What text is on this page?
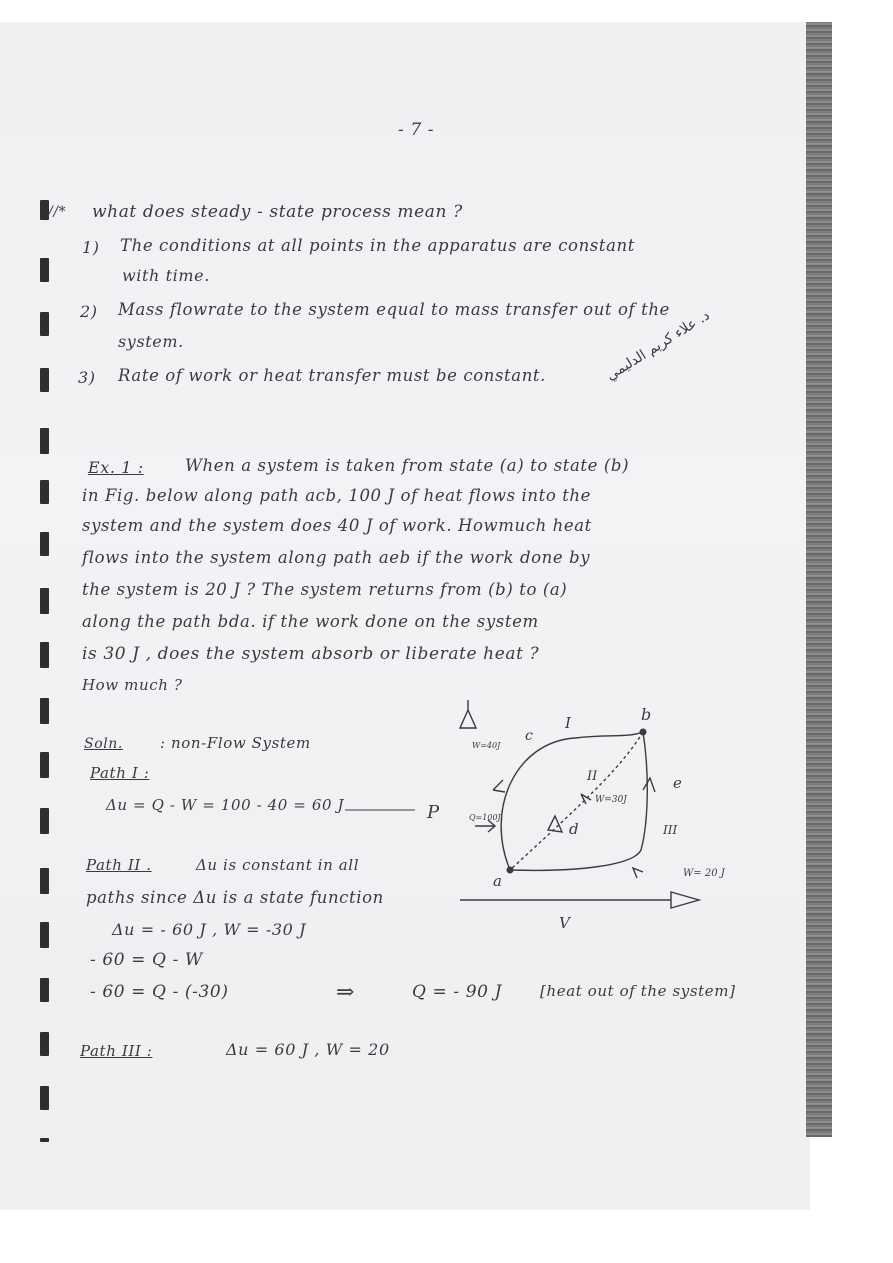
- 7 -
//* what does steady - state process mean ?
1) The conditions at all points in the apparatus are constant
with time.
2) Mass flowrate to the system equal to mass transfer out of the
system.
3) Rate of work or heat transfer must be constant.	د. علاء كريم الدليمي
Ex. 1 :	When a system is taken from state (a) to state (b)
in Fig. below along path acb, 100 J of heat flows into the
system and the system does 40 J of work. Howmuch heat
flows into the system along path aeb if the work done by
the system is 20 J ? The system returns from (b) to (a)
along the path bda. if the work done on the system
is 30 J , does the system absorb or liberate heat ?
How much ?
Soln. : non-Flow System
Path I :
Δu = Q - W = 100 - 40 = 60 J
Path II .	Δu is constant in all
paths since Δu is a state function
Δu = - 60 J , W = -30 J
- 60 = Q - W
- 60 = Q - (-30)	⇒	Q = - 90 J	[heat out of the system]
Path III :	Δu = 60 J , W = 20
P
V
a
b
c
d
e
I
II
III
W=40J
Q=100J
W=30J
W= 20 J
